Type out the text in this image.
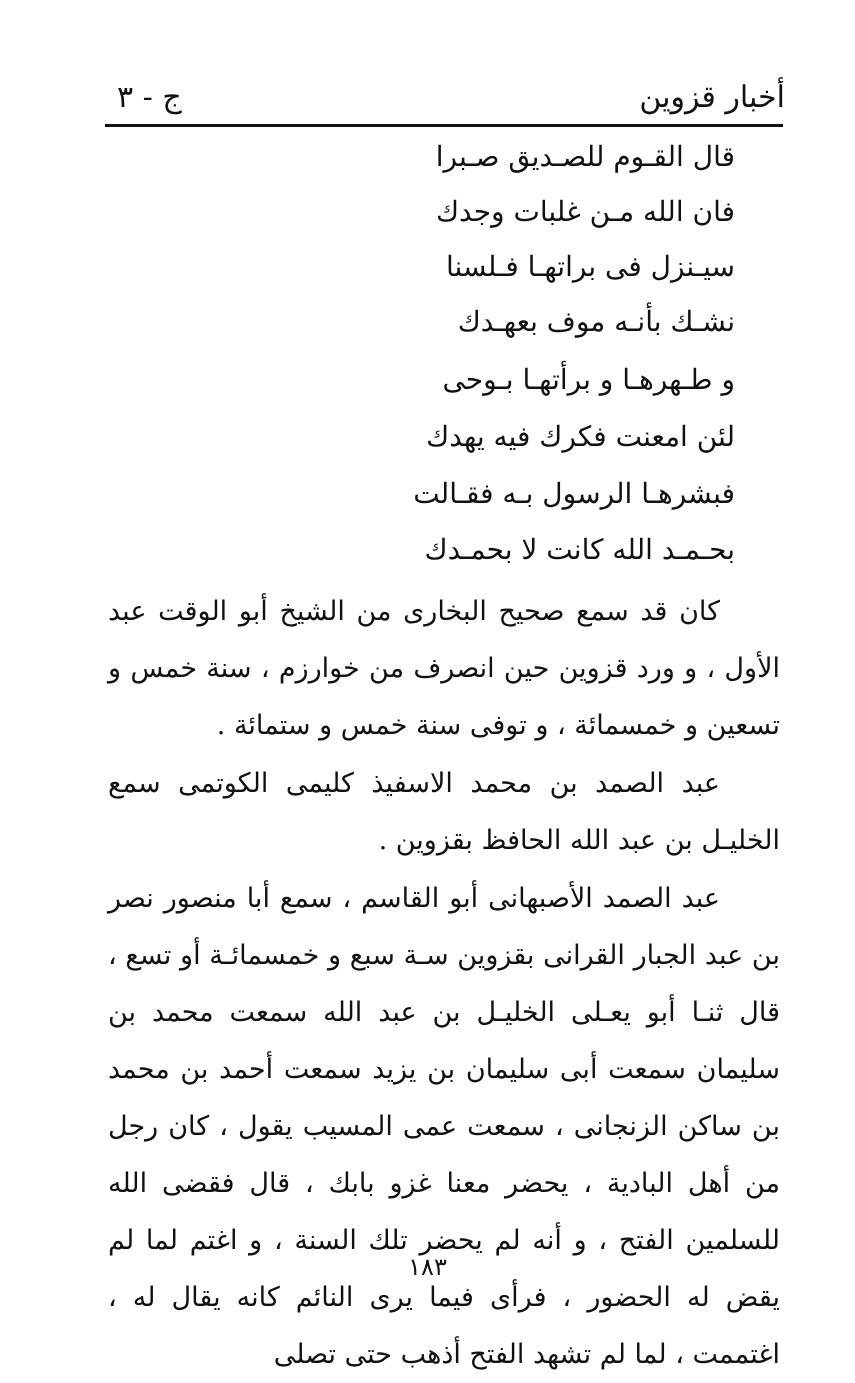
أخبار قزوين
ج - ٣
قال القـوم للصـديق صـبرا
فان الله مـن غلبات وجدك
سيـنزل فى براتهـا فـلسنا
نشـك بأنـه موف بعهـدك
و طـهرهـا و برأتهـا بـوحى
لئن امعنت فكرك فيه يهدك
فبشرهـا الرسول بـه فقـالت
بحـمـد الله كانت لا بحمـدك

كان قد سمع صحيح البخارى من الشيخ أبو الوقت عبد الأول ، و ورد قزوين حين انصرف من خوارزم ، سنة خمس و تسعين و خمسمائة ، و توفى سنة خمس و ستمائة .

عبد الصمد بن محمد الاسفيذ كليمى الكوتمى سمع الخليـل بن عبد الله الحافظ بقزوين .

عبد الصمد الأصبهانى أبو القاسم ، سمع أبا منصور نصر بن عبد الجبار القرانى بقزوين سـة سبع و خمسمائـة أو تسع ، قال ثنـا أبو يعـلى الخليـل بن عبد الله سمعت محمد بن سليمان سمعت أبى سليمان بن يزيد سمعت أحمد بن محمد بن ساكن الزنجانى ، سمعت عمى المسيب يقول ، كان رجل من أهل البادية ، يحضر معنا غزو بابك ، قال فقضى الله للسلمين الفتح ، و أنه لم يحضر تلك السنة ، و اغتم لما لم يقض له الحضور ، فرأى فيما يرى النائم كانه يقال له ، اغتممت ، لما لم تشهد الفتح أذهب حتى تصلى

١٨٣
